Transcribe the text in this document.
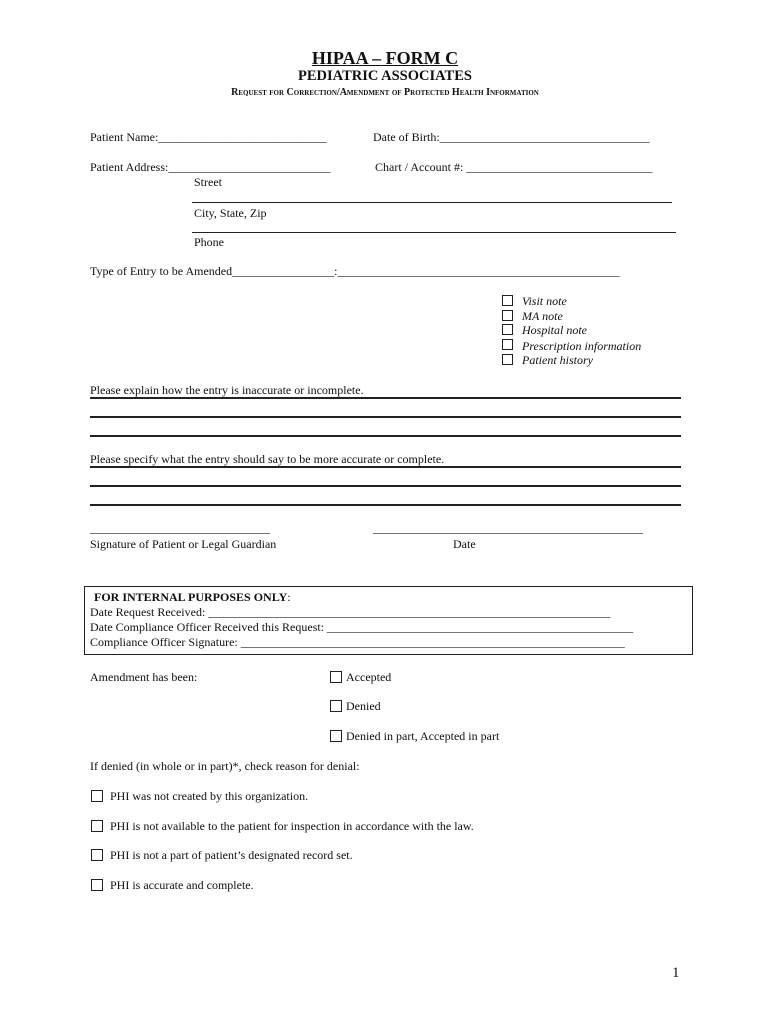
HIPAA – FORM C
PEDIATRIC ASSOCIATES
Request for Correction/Amendment of Protected Health Information
Patient Name:____________________________	Date of Birth:___________________________________
Patient Address:___________________________	Chart / Account #: _______________________________
Street
City, State, Zip
Phone
Type of Entry to be Amended_________________:_______________________________________________
Visit note
MA note
Hospital note
Prescription information
Patient history
Please explain how the entry is inaccurate or incomplete.
Please specify what the entry should say to be more accurate or complete.
______________________________
Signature of Patient or Legal Guardian
_____________________________________________
Date
FOR INTERNAL PURPOSES ONLY:
Date Request Received: ___________________________________________________________________
Date Compliance Officer Received this Request: ___________________________________________________
Compliance Officer Signature: ________________________________________________________________
Amendment has been:	Accepted
Denied
Denied in part, Accepted in part
If denied (in whole or in part)*, check reason for denial:
PHI was not created by this organization.
PHI is not available to the patient for inspection in accordance with the law.
PHI is not a part of patient’s designated record set.
PHI is accurate and complete.
1
